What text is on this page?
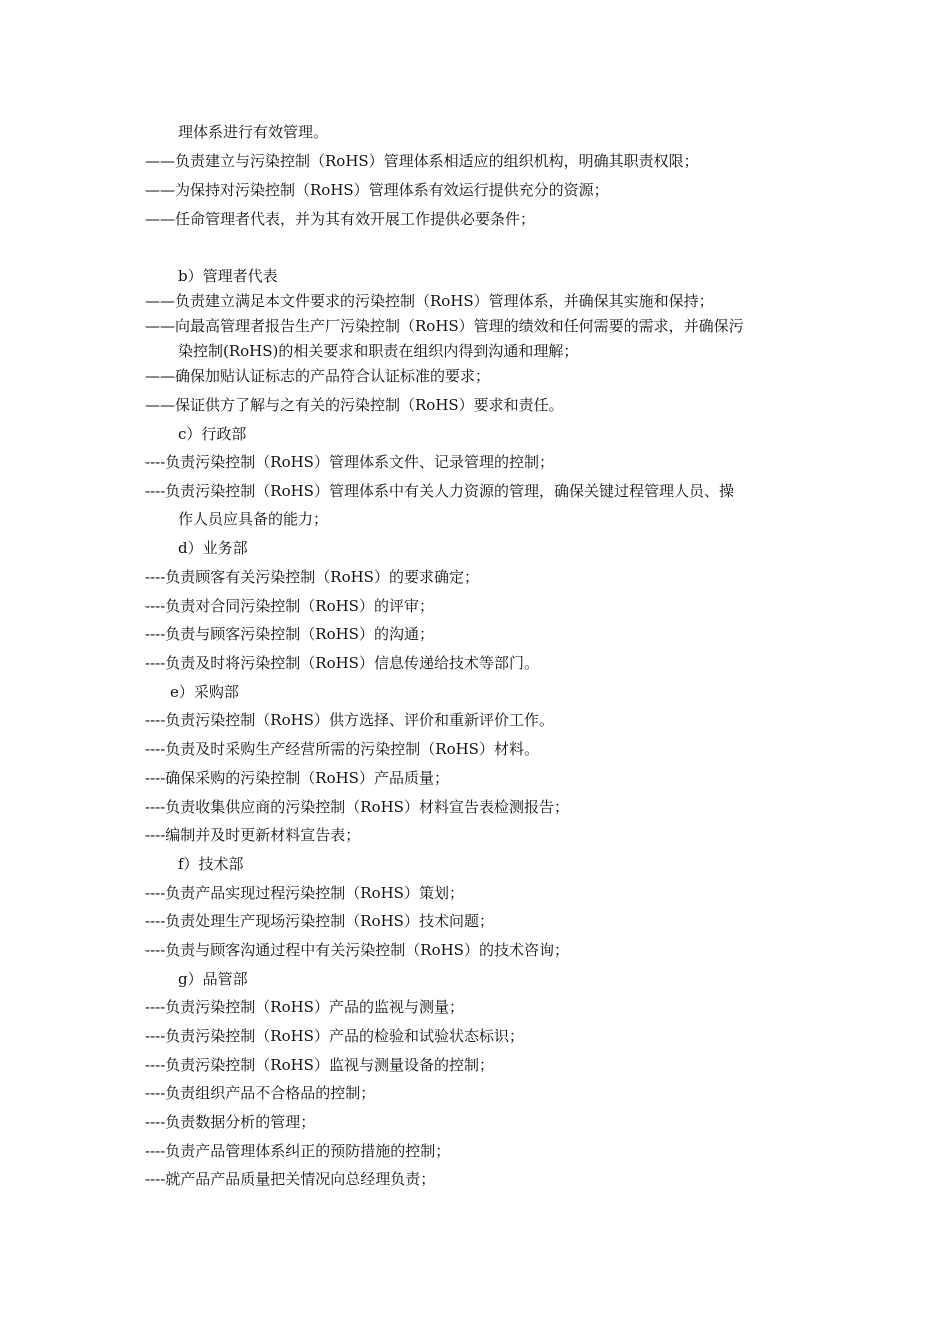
理体系进行有效管理。
——负责建立与污染控制（RoHS）管理体系相适应的组织机构，明确其职责权限；
——为保持对污染控制（RoHS）管理体系有效运行提供充分的资源；
——任命管理者代表，并为其有效开展工作提供必要条件；
b）管理者代表
——负责建立满足本文件要求的污染控制（RoHS）管理体系，并确保其实施和保持；
——向最高管理者报告生产厂污染控制（RoHS）管理的绩效和任何需要的需求，并确保污
染控制(RoHS)的相关要求和职责在组织内得到沟通和理解；
——确保加贴认证标志的产品符合认证标准的要求；
——保证供方了解与之有关的污染控制（RoHS）要求和责任。
c）行政部
----负责污染控制（RoHS）管理体系文件、记录管理的控制；
----负责污染控制（RoHS）管理体系中有关人力资源的管理，确保关键过程管理人员、操
作人员应具备的能力；
d）业务部
----负责顾客有关污染控制（RoHS）的要求确定；
----负责对合同污染控制（RoHS）的评审；
----负责与顾客污染控制（RoHS）的沟通；
----负责及时将污染控制（RoHS）信息传递给技术等部门。
e）采购部
----负责污染控制（RoHS）供方选择、评价和重新评价工作。
----负责及时采购生产经营所需的污染控制（RoHS）材料。
----确保采购的污染控制（RoHS）产品质量；
----负责收集供应商的污染控制（RoHS）材料宣告表检测报告；
----编制并及时更新材料宣告表；
f）技术部
----负责产品实现过程污染控制（RoHS）策划；
----负责处理生产现场污染控制（RoHS）技术问题；
----负责与顾客沟通过程中有关污染控制（RoHS）的技术咨询；
g）品管部
----负责污染控制（RoHS）产品的监视与测量；
----负责污染控制（RoHS）产品的检验和试验状态标识；
----负责污染控制（RoHS）监视与测量设备的控制；
----负责组织产品不合格品的控制；
----负责数据分析的管理；
----负责产品管理体系纠正的预防措施的控制；
----就产品产品质量把关情况向总经理负责；
